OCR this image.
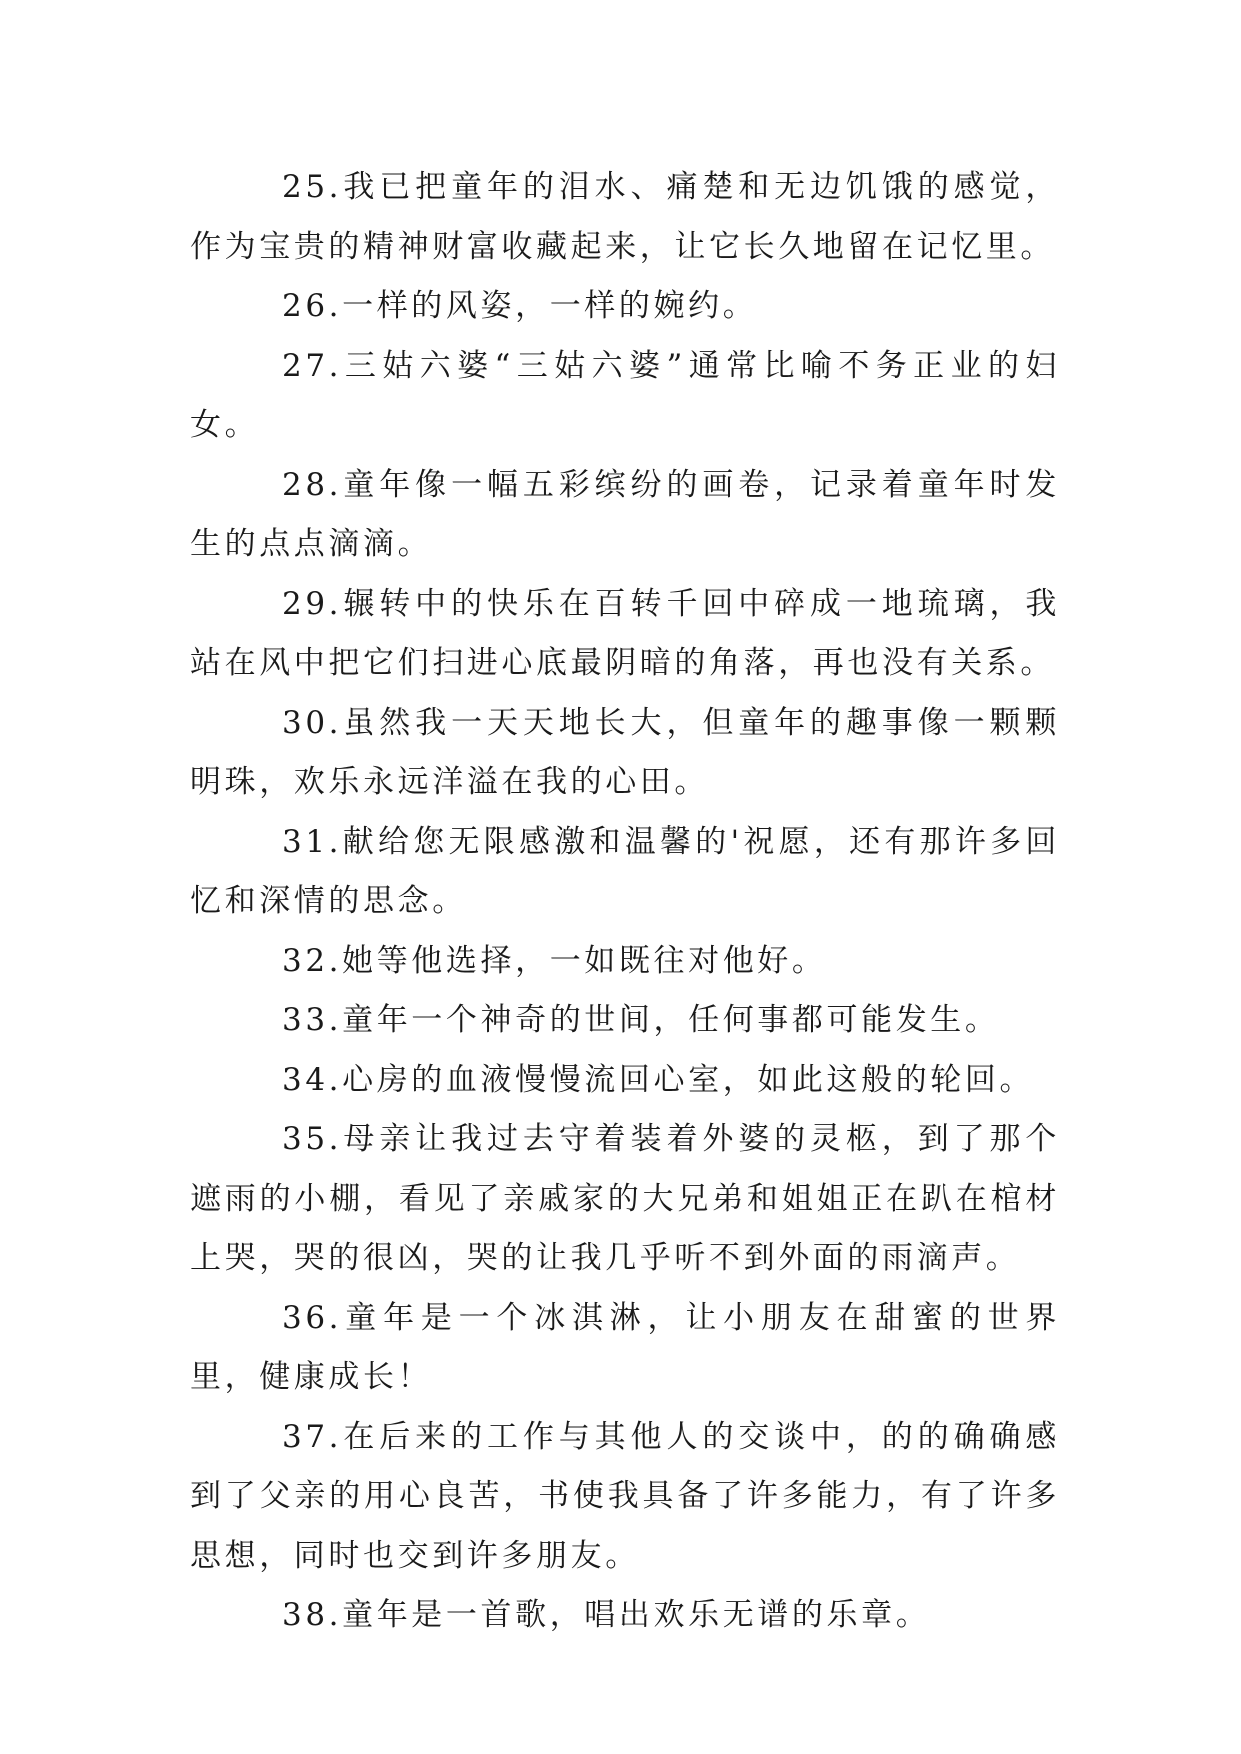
25.我已把童年的泪水、痛楚和无边饥饿的感觉，作为宝贵的精神财富收藏起来，让它长久地留在记忆里。

26.一样的风姿，一样的婉约。

27.三姑六婆“三姑六婆”通常比喻不务正业的妇女。

28.童年像一幅五彩缤纷的画卷，记录着童年时发生的点点滴滴。

29.辗转中的快乐在百转千回中碎成一地琉璃，我站在风中把它们扫进心底最阴暗的角落，再也没有关系。

30.虽然我一天天地长大，但童年的趣事像一颗颗明珠，欢乐永远洋溢在我的心田。

31.献给您无限感激和温馨的'祝愿，还有那许多回忆和深情的思念。

32.她等他选择，一如既往对他好。

33.童年一个神奇的世间，任何事都可能发生。

34.心房的血液慢慢流回心室，如此这般的轮回。

35.母亲让我过去守着装着外婆的灵柩，到了那个遮雨的小棚，看见了亲戚家的大兄弟和姐姐正在趴在棺材上哭，哭的很凶，哭的让我几乎听不到外面的雨滴声。

36.童年是一个冰淇淋，让小朋友在甜蜜的世界里，健康成长！

37.在后来的工作与其他人的交谈中，的的确确感到了父亲的用心良苦，书使我具备了许多能力，有了许多思想，同时也交到许多朋友。

38.童年是一首歌，唱出欢乐无谱的乐章。
